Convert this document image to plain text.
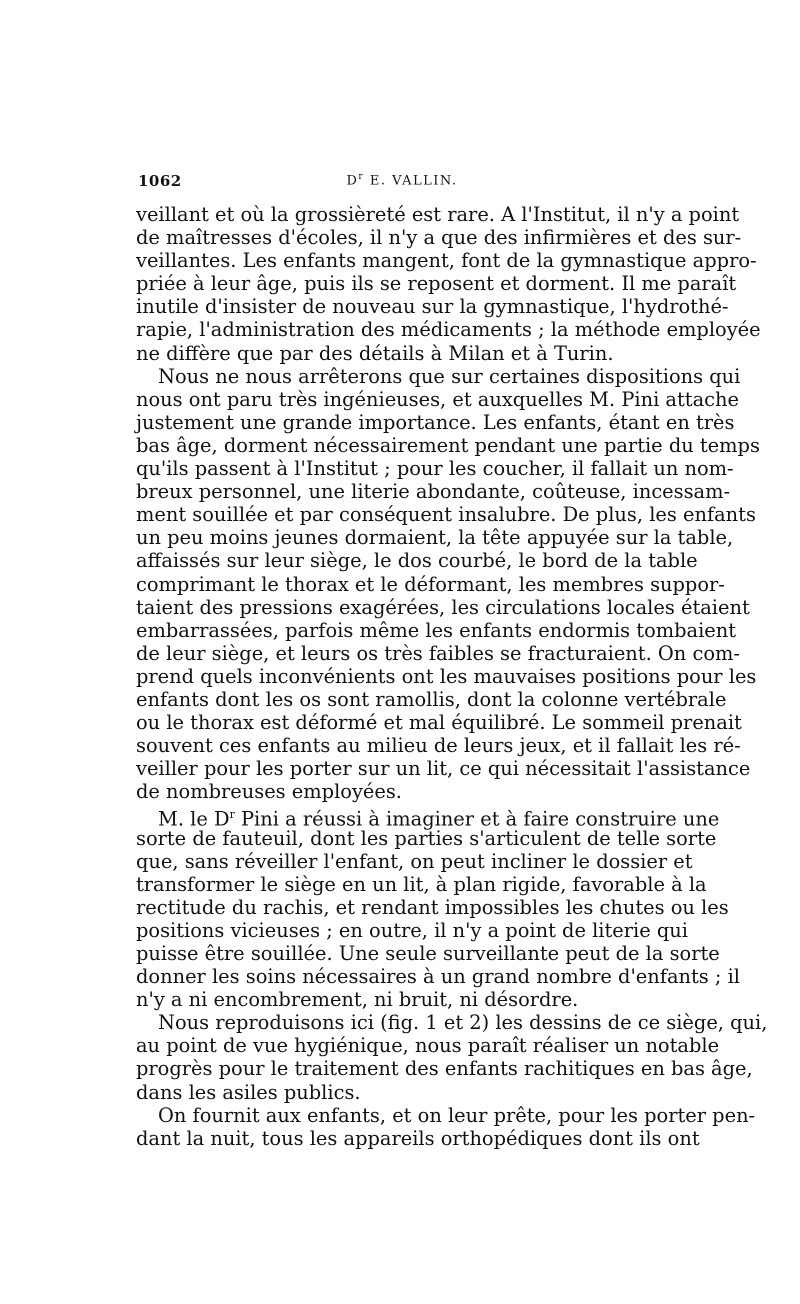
1062	$D^r$ E. VALLIN.
veillant et où la grossièreté est rare. A l'Institut, il n'y a point
de maîtresses d'écoles, il n'y a que des infirmières et des sur-
veillantes. Les enfants mangent, font de la gymnastique appro-
priée à leur âge, puis ils se reposent et dorment. Il me paraît
inutile d'insister de nouveau sur la gymnastique, l'hydrothé-
rapie, l'administration des médicaments ; la méthode employée
ne diffère que par des détails à Milan et à Turin.
Nous ne nous arrêterons que sur certaines dispositions qui
nous ont paru très ingénieuses, et auxquelles M. Pini attache
justement une grande importance. Les enfants, étant en très
bas âge, dorment nécessairement pendant une partie du temps
qu'ils passent à l'Institut ; pour les coucher, il fallait un nom-
breux personnel, une literie abondante, coûteuse, incessam-
ment souillée et par conséquent insalubre. De plus, les enfants
un peu moins jeunes dormaient, la tête appuyée sur la table,
affaissés sur leur siège, le dos courbé, le bord de la table
comprimant le thorax et le déformant, les membres suppor-
taient des pressions exagérées, les circulations locales étaient
embarrassées, parfois même les enfants endormis tombaient
de leur siège, et leurs os très faibles se fracturaient. On com-
prend quels inconvénients ont les mauvaises positions pour les
enfants dont les os sont ramollis, dont la colonne vertébrale
ou le thorax est déformé et mal équilibré. Le sommeil prenait
souvent ces enfants au milieu de leurs jeux, et il fallait les ré-
veiller pour les porter sur un lit, ce qui nécessitait l'assistance
de nombreuses employées.
M. le $D^r$ Pini a réussi à imaginer et à faire construire une
sorte de fauteuil, dont les parties s'articulent de telle sorte
que, sans réveiller l'enfant, on peut incliner le dossier et
transformer le siège en un lit, à plan rigide, favorable à la
rectitude du rachis, et rendant impossibles les chutes ou les
positions vicieuses ; en outre, il n'y a point de literie qui
puisse être souillée. Une seule surveillante peut de la sorte
donner les soins nécessaires à un grand nombre d'enfants ; il
n'y a ni encombrement, ni bruit, ni désordre.
Nous reproduisons ici (fig. 1 et 2) les dessins de ce siège, qui,
au point de vue hygiénique, nous paraît réaliser un notable
progrès pour le traitement des enfants rachitiques en bas âge,
dans les asiles publics.
On fournit aux enfants, et on leur prête, pour les porter pen-
dant la nuit, tous les appareils orthopédiques dont ils ont
